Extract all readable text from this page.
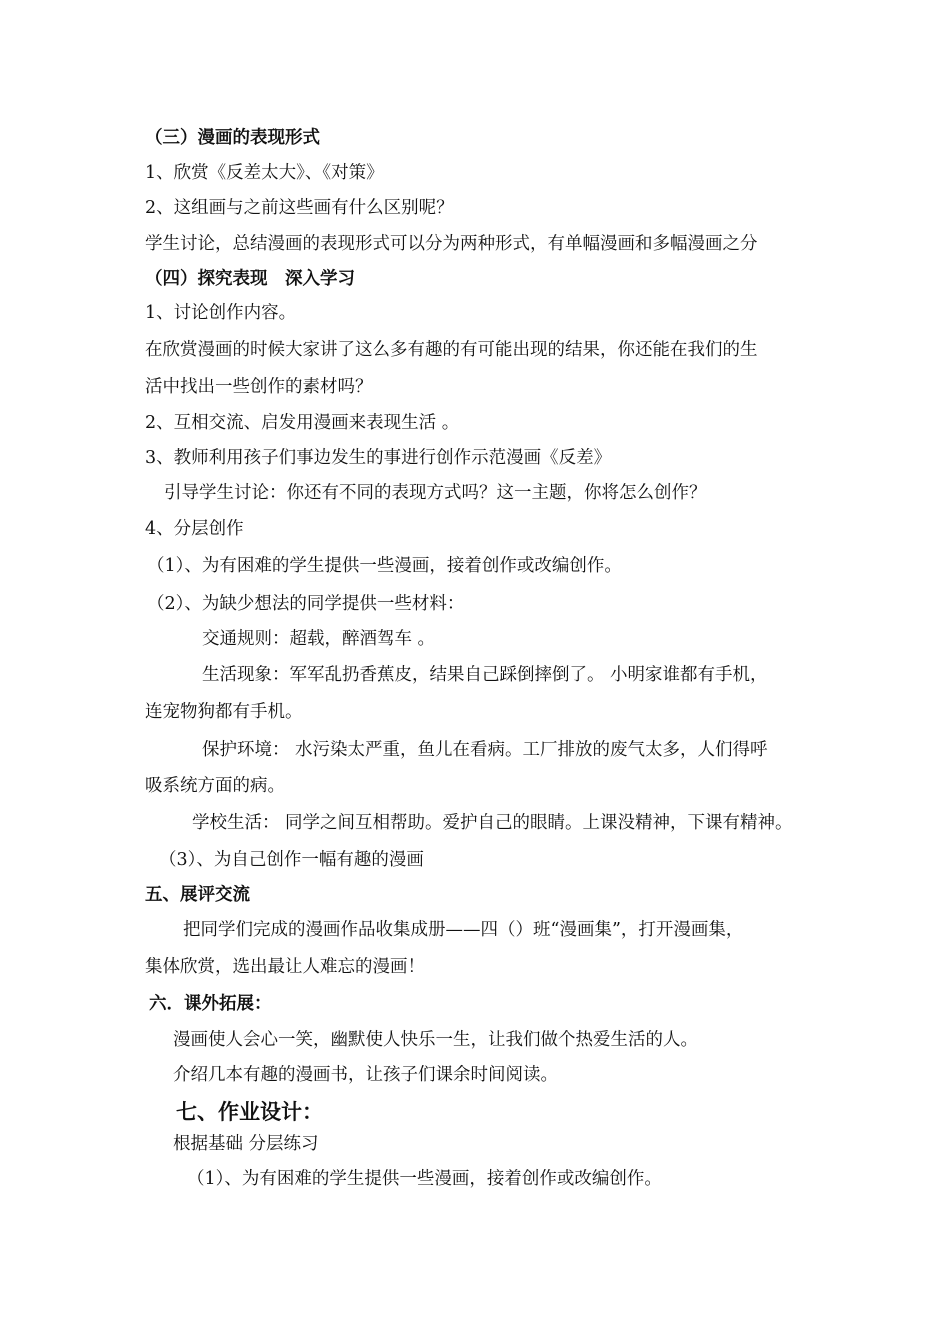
（三）漫画的表现形式
1、欣赏《反差太大》、《对策》
2、这组画与之前这些画有什么区别呢？
学生讨论，总结漫画的表现形式可以分为两种形式，有单幅漫画和多幅漫画之分
（四）探究表现　深入学习
1、讨论创作内容。
在欣赏漫画的时候大家讲了这么多有趣的有可能出现的结果，你还能在我们的生
活中找出一些创作的素材吗？
2、互相交流、启发用漫画来表现生活 。
3、教师利用孩子们事边发生的事进行创作示范漫画《反差》
引导学生讨论：你还有不同的表现方式吗？这一主题，你将怎么创作？
4、分层创作
（1）、为有困难的学生提供一些漫画，接着创作或改编创作。
（2）、为缺少想法的同学提供一些材料：
交通规则：超载，醉酒驾车 。
生活现象：军军乱扔香蕉皮，结果自己踩倒摔倒了。 小明家谁都有手机，
连宠物狗都有手机。
保护环境： 水污染太严重，鱼儿在看病。工厂排放的废气太多，人们得呼
吸系统方面的病。
学校生活： 同学之间互相帮助。爱护自己的眼睛。上课没精神，下课有精神。
（3）、为自己创作一幅有趣的漫画
五、展评交流
把同学们完成的漫画作品收集成册——四（）班“漫画集”，打开漫画集，
集体欣赏，选出最让人难忘的漫画！
六．课外拓展：
漫画使人会心一笑，幽默使人快乐一生，让我们做个热爱生活的人。
介绍几本有趣的漫画书，让孩子们课余时间阅读。
七、作业设计：
根据基础 分层练习
（1）、为有困难的学生提供一些漫画，接着创作或改编创作。
